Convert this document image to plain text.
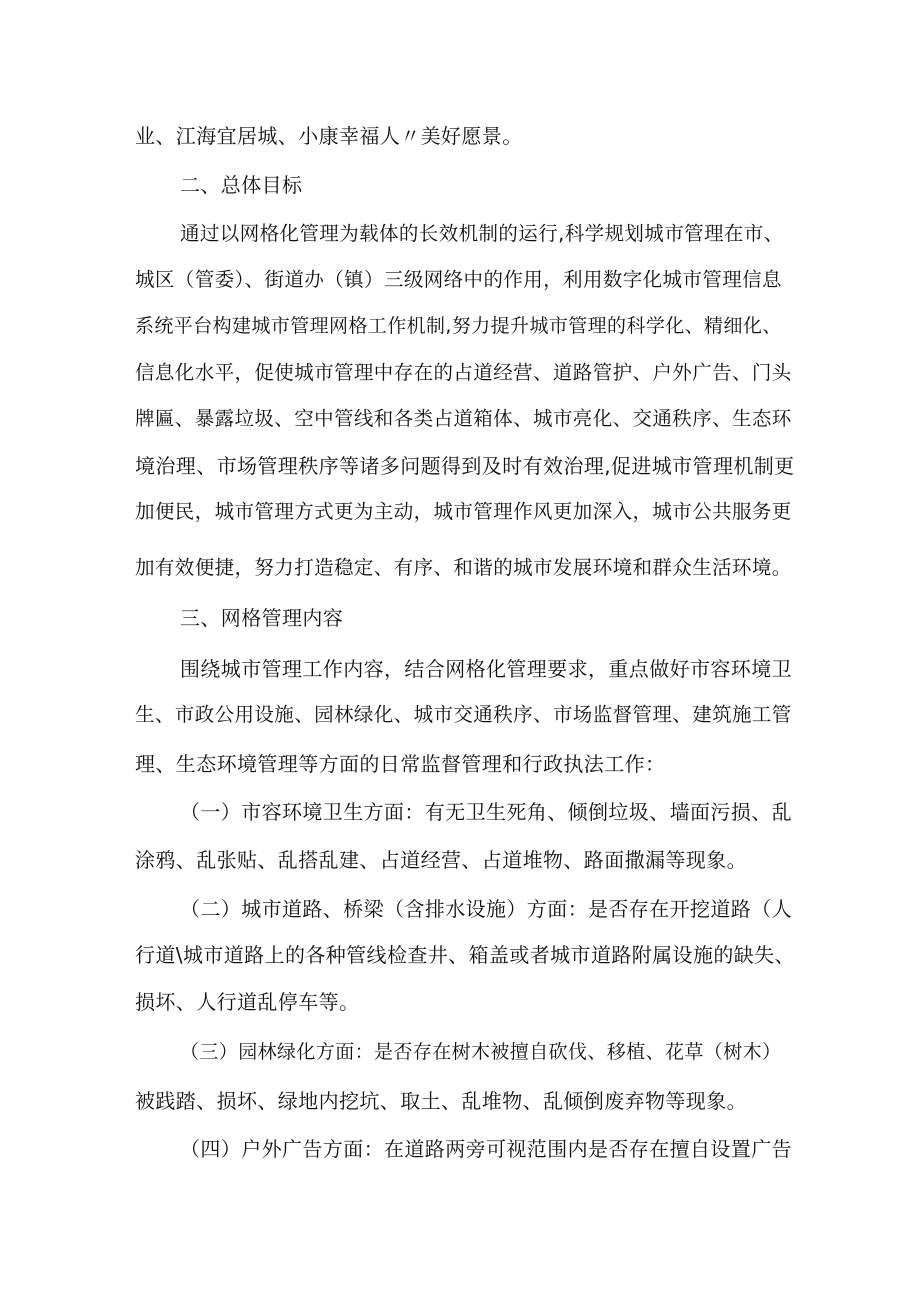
业、江海宜居城、小康幸福人〃美好愿景。
二、总体目标
通过以网格化管理为载体的长效机制的运行,科学规划城市管理在市、
城区（管委）、街道办（镇）三级网络中的作用，利用数字化城市管理信息
系统平台构建城市管理网格工作机制,努力提升城市管理的科学化、精细化、
信息化水平，促使城市管理中存在的占道经营、道路管护、户外广告、门头
牌匾、暴露垃圾、空中管线和各类占道箱体、城市亮化、交通秩序、生态环
境治理、市场管理秩序等诸多问题得到及时有效治理,促进城市管理机制更
加便民，城市管理方式更为主动，城市管理作风更加深入，城市公共服务更
加有效便捷，努力打造稳定、有序、和谐的城市发展环境和群众生活环境。
三、网格管理内容
围绕城市管理工作内容，结合网格化管理要求，重点做好市容环境卫
生、市政公用设施、园林绿化、城市交通秩序、市场监督管理、建筑施工管
理、生态环境管理等方面的日常监督管理和行政执法工作：
（一）市容环境卫生方面：有无卫生死角、倾倒垃圾、墙面污损、乱
涂鸦、乱张贴、乱搭乱建、占道经营、占道堆物、路面撒漏等现象。
（二）城市道路、桥梁（含排水设施）方面：是否存在开挖道路（人
行道\城市道路上的各种管线检查井、箱盖或者城市道路附属设施的缺失、
损坏、人行道乱停车等。
（三）园林绿化方面：是否存在树木被擅自砍伐、移植、花草（树木）
被践踏、损坏、绿地内挖坑、取土、乱堆物、乱倾倒废弃物等现象。
（四）户外广告方面：在道路两旁可视范围内是否存在擅自设置广告
